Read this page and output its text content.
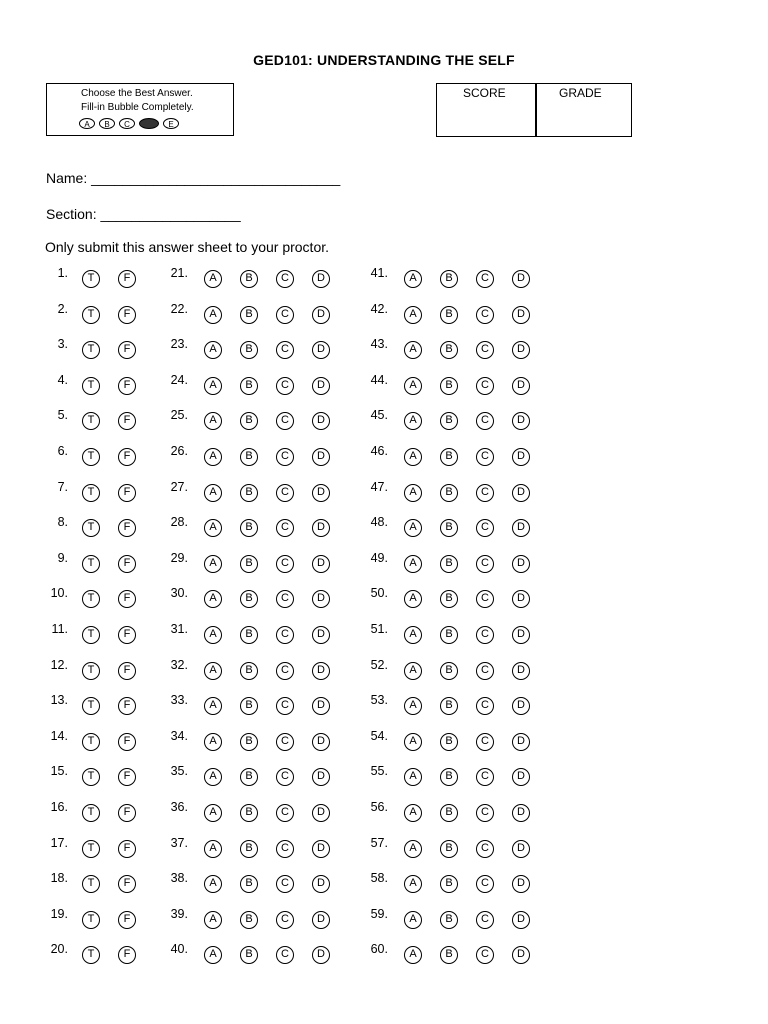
GED101: UNDERSTANDING THE SELF
Choose the Best Answer.
Fill-in Bubble Completely.
A	B	C	E
SCORE	GRADE
Name: ________________________________
Section: __________________
Only submit this answer sheet to your proctor.
1.	T	F
2.	T	F
3.	T	F
4.	T	F
5.	T	F
6.	T	F
7.	T	F
8.	T	F
9.	T	F
10.	T	F
11.	T	F
12.	T	F
13.	T	F
14.	T	F
15.	T	F
16.	T	F
17.	T	F
18.	T	F
19.	T	F
20.	T	F
21.	A	B	C	D
22.	A	B	C	D
23.	A	B	C	D
24.	A	B	C	D
25.	A	B	C	D
26.	A	B	C	D
27.	A	B	C	D
28.	A	B	C	D
29.	A	B	C	D
30.	A	B	C	D
31.	A	B	C	D
32.	A	B	C	D
33.	A	B	C	D
34.	A	B	C	D
35.	A	B	C	D
36.	A	B	C	D
37.	A	B	C	D
38.	A	B	C	D
39.	A	B	C	D
40.	A	B	C	D
41.	A	B	C	D
42.	A	B	C	D
43.	A	B	C	D
44.	A	B	C	D
45.	A	B	C	D
46.	A	B	C	D
47.	A	B	C	D
48.	A	B	C	D
49.	A	B	C	D
50.	A	B	C	D
51.	A	B	C	D
52.	A	B	C	D
53.	A	B	C	D
54.	A	B	C	D
55.	A	B	C	D
56.	A	B	C	D
57.	A	B	C	D
58.	A	B	C	D
59.	A	B	C	D
60.	A	B	C	D
